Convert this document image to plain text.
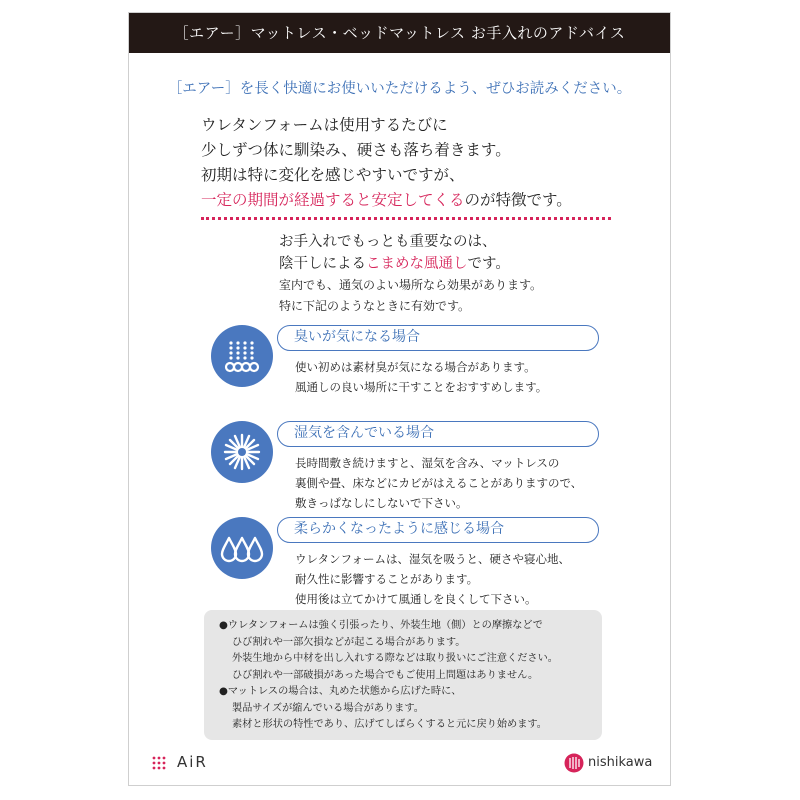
［エアー］マットレス・ベッドマットレス お手入れのアドバイス
［エアー］を長く快適にお使いいただけるよう、ぜひお読みください。
ウレタンフォームは使用するたびに
少しずつ体に馴染み、硬さも落ち着きます。
初期は特に変化を感じやすいですが、
一定の期間が経過すると安定してくるのが特徴です。
お手入れでもっとも重要なのは、
陰干しによるこまめな風通しです。
室内でも、通気のよい場所なら効果があります。
特に下記のようなときに有効です。
臭いが気になる場合
使い初めは素材臭が気になる場合があります。
風通しの良い場所に干すことをおすすめします。
湿気を含んでいる場合
長時間敷き続けますと、湿気を含み、マットレスの
裏側や畳、床などにカビがはえることがありますので、
敷きっぱなしにしないで下さい。
柔らかくなったように感じる場合
ウレタンフォームは、湿気を吸うと、硬さや寝心地、
耐久性に影響することがあります。
使用後は立てかけて風通しを良くして下さい。
●ウレタンフォームは強く引張ったり、外装生地（側）との摩擦などで
ひび割れや一部欠損などが起こる場合があります。
外装生地から中材を出し入れする際などは取り扱いにご注意ください。
ひび割れや一部破損があった場合でもご使用上問題はありません。
●マットレスの場合は、丸めた状態から広げた時に、
製品サイズが縮んでいる場合があります。
素材と形状の特性であり、広げてしばらくすると元に戻り始めます。
AiR	nishikawa
